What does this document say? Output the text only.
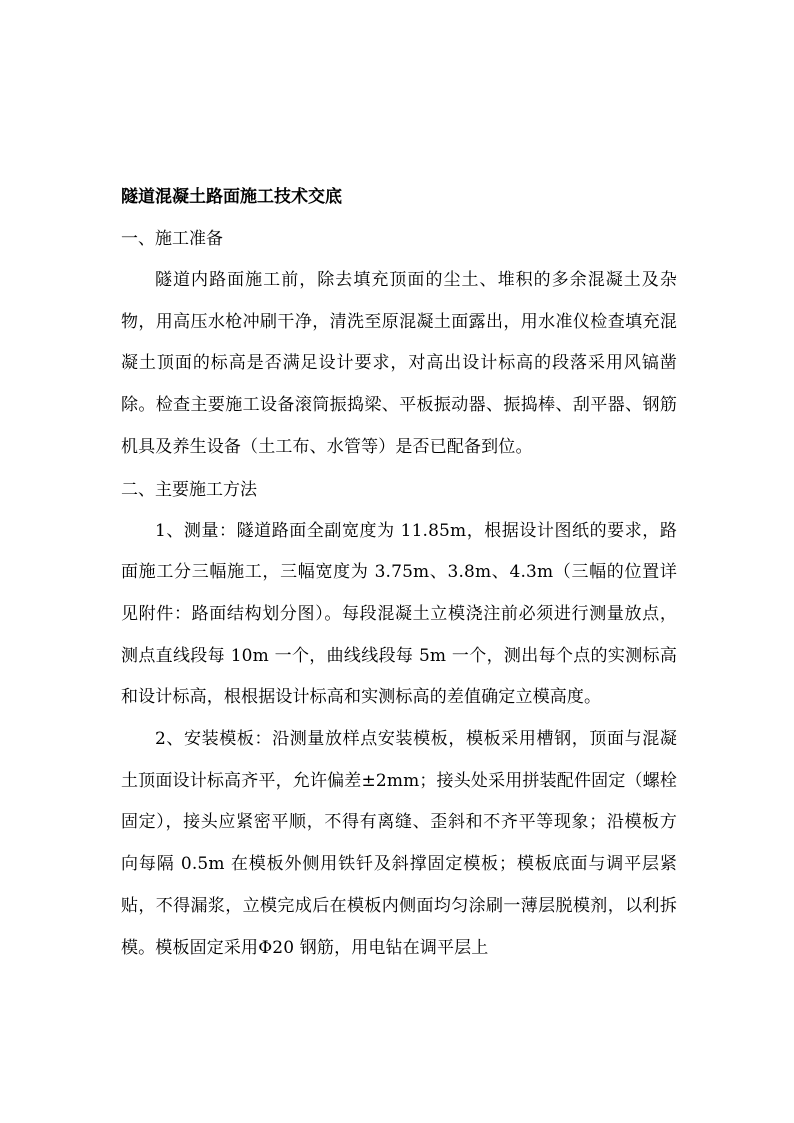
隧道混凝土路面施工技术交底
一、施工准备
隧道内路面施工前，除去填充顶面的尘土、堆积的多余混凝土及杂物，用高压水枪冲刷干净，清洗至原混凝土面露出，用水准仪检查填充混凝土顶面的标高是否满足设计要求，对高出设计标高的段落采用风镐凿除。检查主要施工设备滚筒振捣梁、平板振动器、振捣棒、刮平器、钢筋机具及养生设备（土工布、水管等）是否已配备到位。
二、主要施工方法
1、测量：隧道路面全副宽度为 11.85m，根据设计图纸的要求，路面施工分三幅施工，三幅宽度为 3.75m、3.8m、4.3m（三幅的位置详见附件：路面结构划分图）。每段混凝土立模浇注前必须进行测量放点，测点直线段每 10m 一个，曲线线段每 5m 一个，测出每个点的实测标高和设计标高，根根据设计标高和实测标高的差值确定立模高度。
2、安装模板：沿测量放样点安装模板，模板采用槽钢，顶面与混凝土顶面设计标高齐平，允许偏差±2mm；接头处采用拼装配件固定（螺栓固定），接头应紧密平顺，不得有离缝、歪斜和不齐平等现象；沿模板方向每隔 0.5m 在模板外侧用铁钎及斜撑固定模板；模板底面与调平层紧贴，不得漏浆，立模完成后在模板内侧面均匀涂刷一薄层脱模剂，以利拆模。模板固定采用Φ20 钢筋，用电钻在调平层上
